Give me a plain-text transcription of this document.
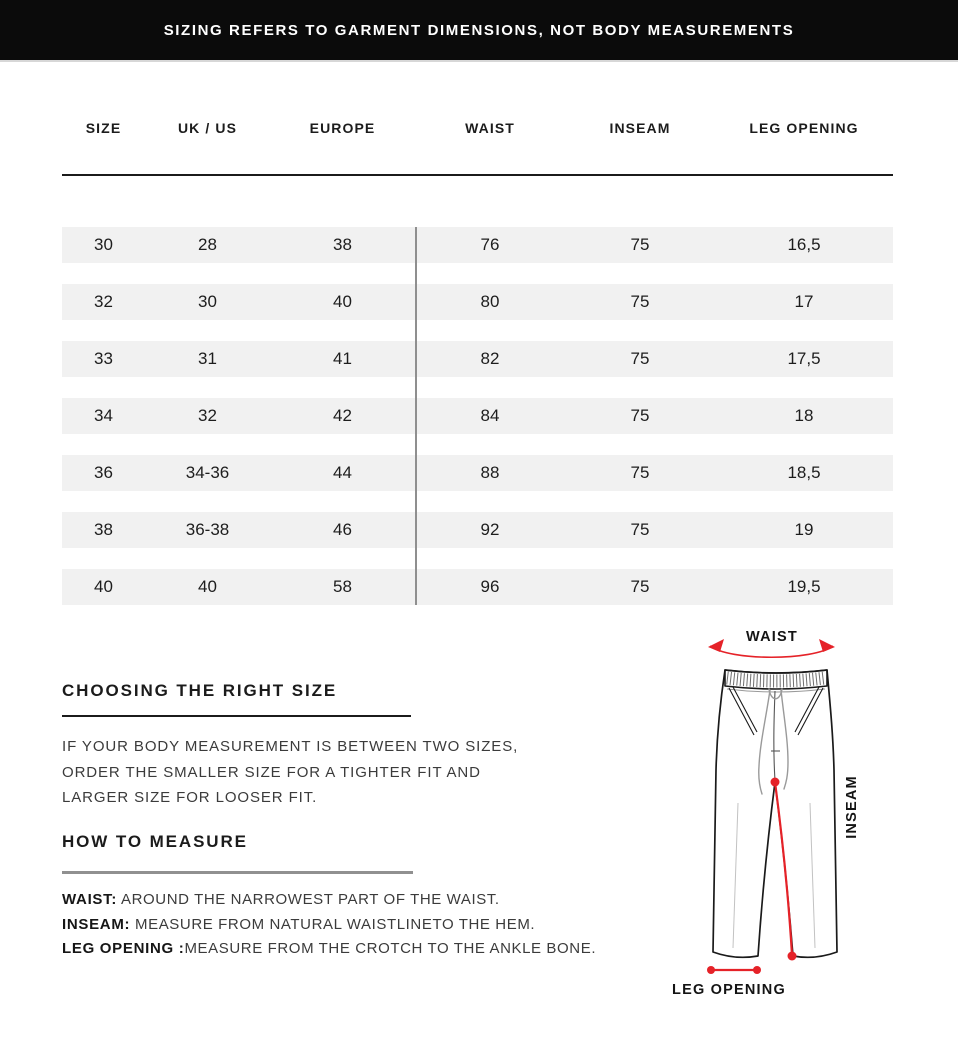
SIZING REFERS TO GARMENT DIMENSIONS, NOT BODY MEASUREMENTS
SIZE	UK / US	EUROPE	WAIST	INSEAM	LEG OPENING
30	28	38	76	75	16,5
32	30	40	80	75	17
33	31	41	82	75	17,5
34	32	42	84	75	18
36	34-36	44	88	75	18,5
38	36-38	46	92	75	19
40	40	58	96	75	19,5
CHOOSING THE RIGHT SIZE

IF YOUR BODY MEASUREMENT IS BETWEEN TWO SIZES,

ORDER THE SMALLER SIZE FOR A TIGHTER FIT AND

LARGER SIZE FOR LOOSER FIT.

HOW TO MEASURE

WAIST: AROUND THE NARROWEST PART OF THE WAIST.

INSEAM: MEASURE FROM NATURAL WAISTLINETO THE HEM.

LEG OPENING :MEASURE FROM THE CROTCH TO THE ANKLE BONE.

WAIST
INSEAM
LEG OPENING
